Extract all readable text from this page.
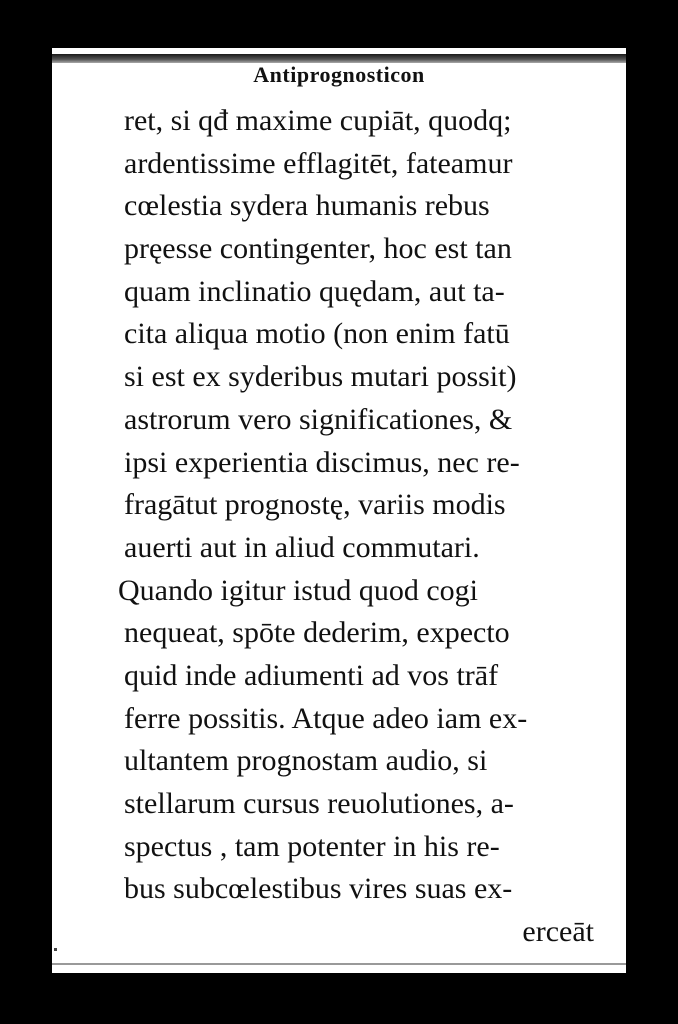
Antiprognosticon
ret, si qđ maxime cupiāt, quodq;
ardentissime efflagitēt, fateamur
cœlestia sydera humanis rebus
pręesse contingenter, hoc est tan
quam inclinatio quędam, aut ta-
cita aliqua motio (non enim fatū
si est ex syderibus mutari possit)
astrorum vero significationes, &
ipsi experientia discimus, nec re-
fragātut prognostę, variis modis
auerti aut in aliud commutari.
Quando igitur istud quod cogi
nequeat, spōte dederim, expecto
quid inde adiumenti ad vos trāf
ferre possitis. Atque adeo iam ex-
ultantem prognostam audio, si
stellarum cursus reuolutiones, a-
spectus , tam potenter in his re-
bus subcœlestibus vires suas ex-
erceāt
